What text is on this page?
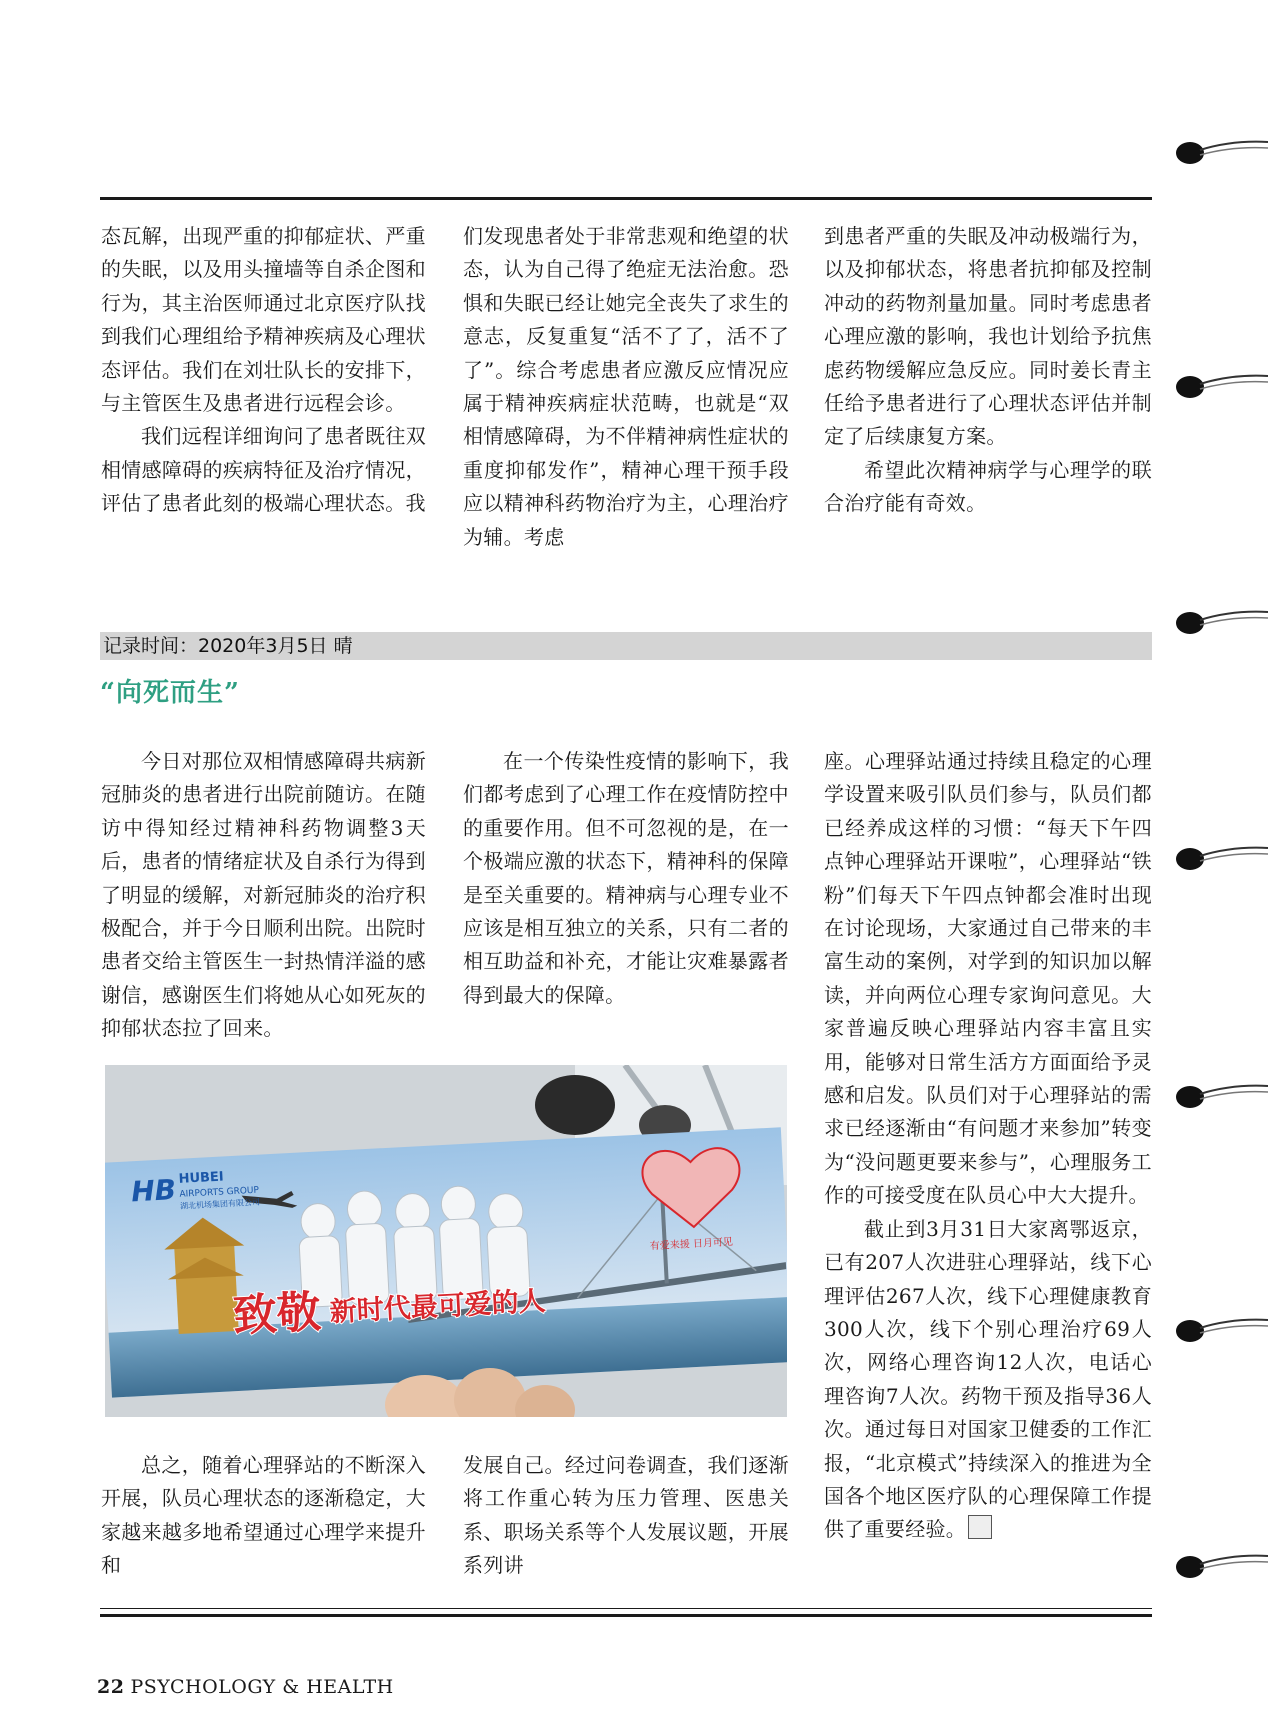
态瓦解，出现严重的抑郁症状、严重的失眠，以及用头撞墙等自杀企图和行为，其主治医师通过北京医疗队找到我们心理组给予精神疾病及心理状态评估。我们在刘壮队长的安排下，与主管医生及患者进行远程会诊。

我们远程详细询问了患者既往双相情感障碍的疾病特征及治疗情况，评估了患者此刻的极端心理状态。我

们发现患者处于非常悲观和绝望的状态，认为自己得了绝症无法治愈。恐惧和失眠已经让她完全丧失了求生的意志，反复重复“活不了了，活不了了”。综合考虑患者应激反应情况应属于精神疾病症状范畴，也就是“双相情感障碍，为不伴精神病性症状的重度抑郁发作”，精神心理干预手段应以精神科药物治疗为主，心理治疗为辅。考虑

到患者严重的失眠及冲动极端行为，以及抑郁状态，将患者抗抑郁及控制冲动的药物剂量加量。同时考虑患者心理应激的影响，我也计划给予抗焦虑药物缓解应急反应。同时姜长青主任给予患者进行了心理状态评估并制定了后续康复方案。

希望此次精神病学与心理学的联合治疗能有奇效。

记录时间：2020年3月5日 晴
“向死而生”

今日对那位双相情感障碍共病新冠肺炎的患者进行出院前随访。在随访中得知经过精神科药物调整3天后，患者的情绪症状及自杀行为得到了明显的缓解，对新冠肺炎的治疗积极配合，并于今日顺利出院。出院时患者交给主管医生一封热情洋溢的感谢信，感谢医生们将她从心如死灰的抑郁状态拉了回来。

在一个传染性疫情的影响下，我们都考虑到了心理工作在疫情防控中的重要作用。但不可忽视的是，在一个极端应激的状态下，精神科的保障是至关重要的。精神病与心理专业不应该是相互独立的关系，只有二者的相互助益和补充，才能让灾难暴露者得到最大的保障。

座。心理驿站通过持续且稳定的心理学设置来吸引队员们参与，队员们都已经养成这样的习惯：“每天下午四点钟心理驿站开课啦”，心理驿站“铁粉”们每天下午四点钟都会准时出现在讨论现场，大家通过自己带来的丰富生动的案例，对学到的知识加以解读，并向两位心理专家询问意见。大家普遍反映心理驿站内容丰富且实用，能够对日常生活方方面面给予灵感和启发。队员们对于心理驿站的需求已经逐渐由“有问题才来参加”转变为“没问题更要来参与”，心理服务工作的可接受度在队员心中大大提升。

截止到3月31日大家离鄂返京，已有207人次进驻心理驿站，线下心理评估267人次，线下心理健康教育300人次，线下个别心理治疗69人次，网络心理咨询12人次，电话心理咨询7人次。药物干预及指导36人次。通过每日对国家卫健委的工作汇报，“北京模式”持续深入的推进为全国各个地区医疗队的心理保障工作提供了重要经验。

HB HUBEI
AIRPORTS GROUP
湖北机场集团有限公司
有爱来援 日月可见
致敬 新时代最可爱的人

总之，随着心理驿站的不断深入开展，队员心理状态的逐渐稳定，大家越来越多地希望通过心理学来提升和

发展自己。经过问卷调查，我们逐渐将工作重心转为压力管理、医患关系、职场关系等个人发展议题，开展系列讲

22 PSYCHOLOGY & HEALTH
